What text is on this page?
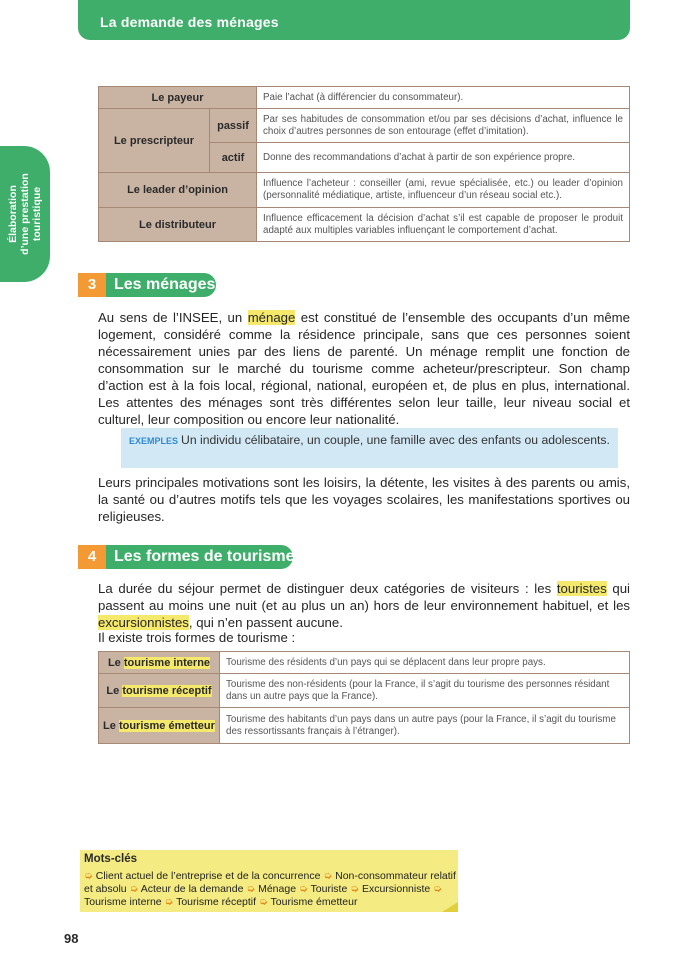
La demande des ménages
Élaboration
d’une prestation
touristique
Le payeur		Paie l’achat (à différencier du consommateur).
Le prescripteur	passif	Par ses habitudes de consommation et/ou par ses décisions d’achat, influence le choix d’autres personnes de son entourage (effet d’imitation).
	actif	Donne des recommandations d’achat à partir de son expérience propre.
Le leader d’opinion		Influence l’acheteur : conseiller (ami, revue spécialisée, etc.) ou leader d’opinion (personnalité médiatique, artiste, influenceur d’un réseau social etc.).
Le distributeur		Influence efficacement la décision d’achat s’il est capable de proposer le produit adapté aux multiples variables influençant le comportement d’achat.
3	Les ménages
Au sens de l’INSEE, un ménage est constitué de l’ensemble des occupants d’un même logement, considéré comme la résidence principale, sans que ces personnes soient nécessairement unies par des liens de parenté. Un ménage remplit une fonction de consommation sur le marché du tourisme comme acheteur/prescripteur. Son champ d’action est à la fois local, régional, national, européen et, de plus en plus, international. Les attentes des ménages sont très différentes selon leur taille, leur niveau social et culturel, leur composition ou encore leur nationalité.
EXEMPLES Un individu célibataire, un couple, une famille avec des enfants ou adolescents.
Leurs principales motivations sont les loisirs, la détente, les visites à des parents ou amis, la santé ou d’autres motifs tels que les voyages scolaires, les manifestations sportives ou religieuses.
4	Les formes de tourisme
La durée du séjour permet de distinguer deux catégories de visiteurs : les touristes qui passent au moins une nuit (et au plus un an) hors de leur environnement habituel, et les excursionnistes, qui n’en passent aucune.
Il existe trois formes de tourisme :
Le tourisme interne	Tourisme des résidents d’un pays qui se déplacent dans leur propre pays.
Le tourisme réceptif	Tourisme des non-résidents (pour la France, il s’agit du tourisme des personnes résidant dans un autre pays que la France).
Le tourisme émetteur	Tourisme des habitants d’un pays dans un autre pays (pour la France, il s’agit du tourisme des ressortissants français à l’étranger).
Mots-clés
➭ Client actuel de l’entreprise et de la concurrence ➭ Non-consommateur relatif et absolu ➭ Acteur de la demande ➭ Ménage ➭ Touriste ➭ Excursionniste ➭ Tourisme interne ➭ Tourisme réceptif ➭ Tourisme émetteur
98
